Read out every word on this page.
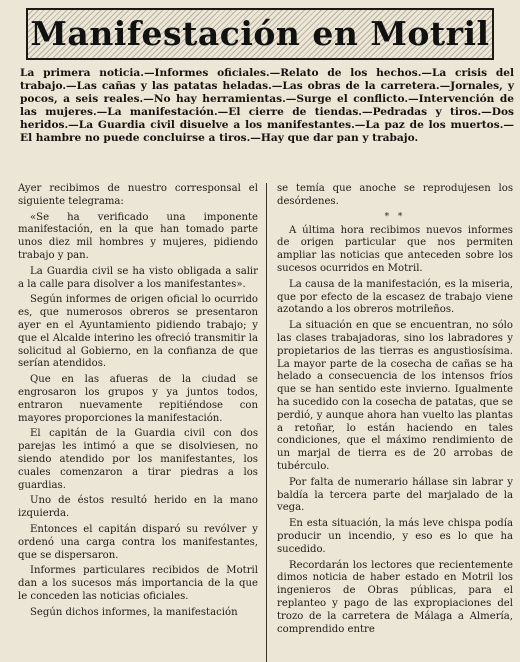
Manifestación en Motril
La primera noticia.—Informes oficiales.—Relato de los hechos.—La crisis del trabajo.—Las cañas y las patatas heladas.—Las obras de la carretera.—Jornales, y pocos, a seis reales.—No hay herramientas.—Surge el conflicto.—Intervención de las mujeres.—La manifestación.—El cierre de tiendas.—Pedradas y tiros.—Dos heridos.—La Guardia civil disuelve a los manifestantes.—La paz de los muertos.—El hambre no puede concluirse a tiros.—Hay que dar pan y trabajo.

Ayer recibimos de nuestro corresponsal el siguiente telegrama:

«Se ha verificado una imponente manifestación, en la que han tomado parte unos diez mil hombres y mujeres, pidiendo trabajo y pan.

La Guardia civil se ha visto obligada a salir a la calle para disolver a los manifestantes».

Según informes de origen oficial lo ocurrido es, que numerosos obreros se presentaron ayer en el Ayuntamiento pidiendo trabajo; y que el Alcalde interino les ofreció transmitir la solicitud al Gobierno, en la confianza de que serían atendidos.

Que en las afueras de la ciudad se engrosaron los grupos y ya juntos todos, entraron nuevamente repitiéndose con mayores proporciones la manifestación.

El capitán de la Guardia civil con dos parejas les intimó a que se disolviesen, no siendo atendido por los manifestantes, los cuales comenzaron a tirar piedras a los guardias.

Uno de éstos resultó herido en la mano izquierda.

Entonces el capitán disparó su revólver y ordenó una carga contra los manifestantes, que se dispersaron.

Informes particulares recibidos de Motril dan a los sucesos más importancia de la que le conceden las noticias oficiales.

Según dichos informes, la manifestación

se temía que anoche se reprodujesen los desórdenes.

* *

A última hora recibimos nuevos informes de origen particular que nos permiten ampliar las noticias que anteceden sobre los sucesos ocurridos en Motril.

La causa de la manifestación, es la miseria, que por efecto de la escasez de trabajo viene azotando a los obreros motrileños.

La situación en que se encuentran, no sólo las clases trabajadoras, sino los labradores y propietarios de las tierras es angustiosísima. La mayor parte de la cosecha de cañas se ha helado a consecuencia de los intensos fríos que se han sentido este invierno. Igualmente ha sucedido con la cosecha de patatas, que se perdió, y aunque ahora han vuelto las plantas a retoñar, lo están haciendo en tales condiciones, que el máximo rendimiento de un marjal de tierra es de 20 arrobas de tubérculo.

Por falta de numerario hállase sin labrar y baldía la tercera parte del marjalado de la vega.

En esta situación, la más leve chispa podía producir un incendio, y eso es lo que ha sucedido.

Recordarán los lectores que recientemente dimos noticia de haber estado en Motril los ingenieros de Obras públicas, para el replanteo y pago de las expropiaciones del trozo de la carretera de Málaga a Almería, comprendido entre
